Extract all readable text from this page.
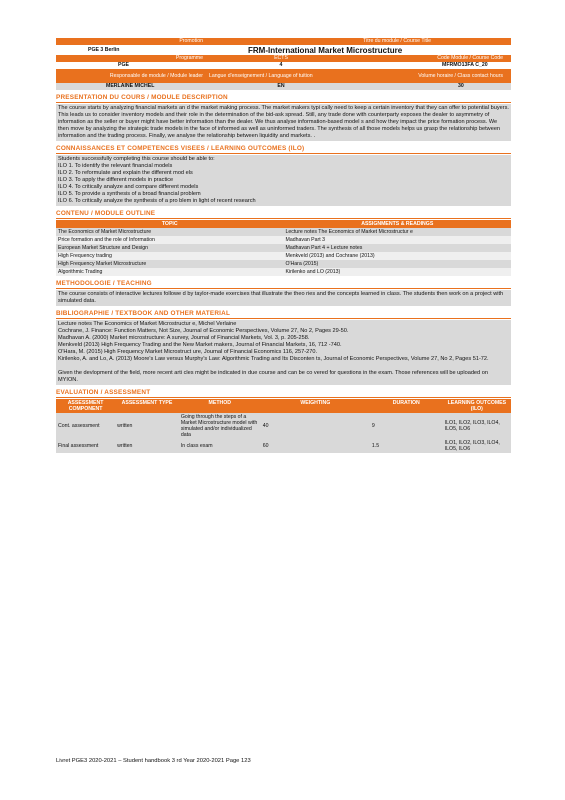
Promotion	Titre du module / Course Title
PGE 3 Berlin	FRM-International Market Microstructure
Programme	ECTS	Code Module / Course Code
PGE	4	MFRMO13FA C_20
Responsable de module / Module leader	Langue d'enseignement / Language of tuition	Volume horaire / Class contact hours
MERLAINE MICHEL	EN	30
PRESENTATION DU COURS / MODULE DESCRIPTION
The course starts by analyzing financial markets an d the market making process. The market makers typi cally need to keep a certain inventory that they can offer to potential buyers. This leads us to consider inventory models and their role in the determination of the bid-ask spread. Still, any trade done with counterparty exposes the dealer to asymmetry of information as the seller or buyer might have better information than the dealer. We thus analyse information-based model s and how they impact the price formation process. We then move by analyzing the strategic trade models in the face of informed as well as uninformed traders. The synthesis of all those models helps us grasp the relationship between information and the trading process. Finally, we analyse the relationship between liquidity and markets. .
CONNAISSANCES ET COMPETENCES VISEES / LEARNING OUTCOMES (ILO)

Students successfully completing this course should be able to:

ILO 1. To identify the relevant financial models

ILO 2. To reformulate and explain the different mod els

ILO 3. To apply the different models in practice

ILO 4. To critically analyze and compare different models

ILO 5. To provide a synthesis of a broad financial problem

ILO 6. To critically analyze the synthesis of a pro blem in light of recent research

CONTENU / MODULE OUTLINE
TOPIC	ASSIGNMENTS & READINGS
The Economics of Market Microstructure	Lecture notes The Economics of Market Microstructur e
Price formation and the role of Information	Madhavan Part 3
European Market Structure and Design	Madhavan Part 4 + Lecture notes
High Frequency trading	Menkveld (2013) and Cochrane (2013)
High Frequency Market Microstructure	O'Hara (2015)
Algorithmic Trading	Kirilenko and LO (2013)
METHODOLOGIE / TEACHING
The course consists of interactive lectures followe d by taylor-made exercises that illustrate the theo ries and the concepts learned in class. The students then work on a project with simulated data.
BIBLIOGRAPHIE / TEXTBOOK AND OTHER MATERIAL

Lecture notes The Economics of Market Microstructur e, Michel Verlaine

Cochrane, J. Finance: Function Matters, Not Size, Journal of Economic Perspectives, Volume 27, No 2, Pages 29-50.

Madhavan A. (2000) Market microstructure: A survey, Journal of Financial Markets, Vol. 3, p. 205-258.

Menkveld (2013) High Frequency Trading and the New Market makers, Journal of Financial Markets, 16, 712 -740.

O'Hara, M. (2015) High Frequency Market Microstruct ure, Journal of Financial Economics 116, 257-270.

Kirilenko, A. and Lo, A. (2013) Moore's Law versus Murphy's Law: Algorithmic Trading and Its Disconten ts, Journal of Economic Perspectives, Volume 27, No 2, Pages 51-72.

Given the devlopment of the field, more recent arti cles might be indicated in due course and can be co vered for questions in the exam. Those references will be uploaded on MYION.

EVALUATION / ASSESSMENT
ASSESSMENT COMPONENT	ASSESSMENT TYPE	METHOD	WEIGHTING	DURATION	LEARNING OUTCOMES (ILO)
Cont. assessment	written	Going through the steps of a Market Microstructure model with simulated and/or individualized data	40	9	ILO1, ILO2, ILO3, ILO4, ILO5, ILO6
Final assessment	written	In class exam	60	1.5	ILO1, ILO2, ILO3, ILO4, ILO5, ILO6
Livret PGE3 2020-2021 – Student handbook 3 rd Year 2020-2021 Page 123
